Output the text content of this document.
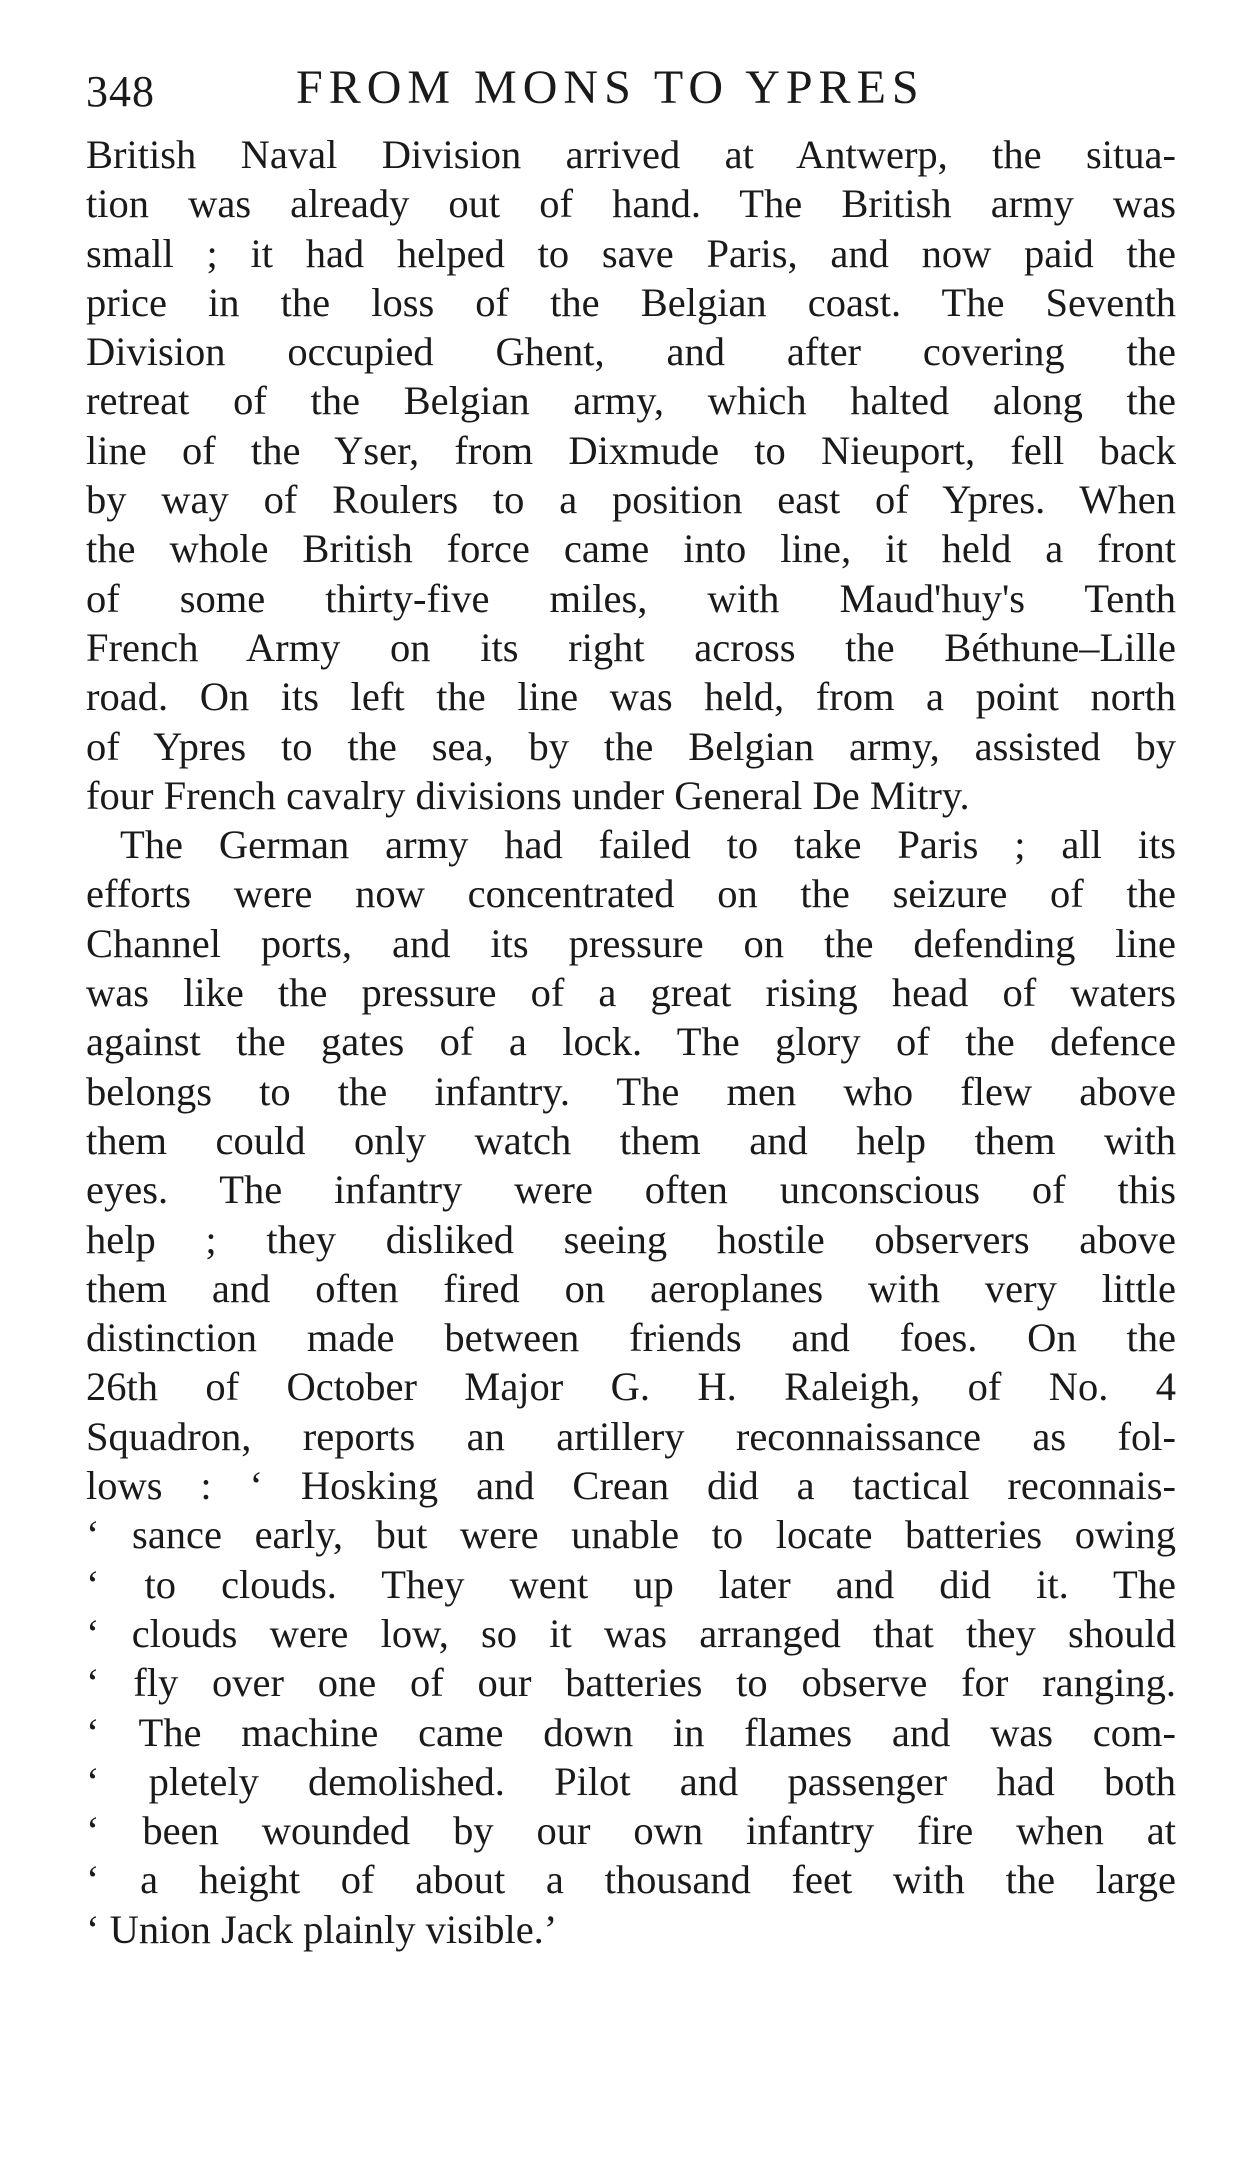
348	FROM MONS TO YPRES
British Naval Division arrived at Antwerp, the situa-
tion was already out of hand. The British army was
small ; it had helped to save Paris, and now paid the
price in the loss of the Belgian coast. The Seventh
Division occupied Ghent, and after covering the
retreat of the Belgian army, which halted along the
line of the Yser, from Dixmude to Nieuport, fell back
by way of Roulers to a position east of Ypres. When
the whole British force came into line, it held a front
of some thirty-five miles, with Maud'huy's Tenth
French Army on its right across the Béthune–Lille
road. On its left the line was held, from a point north
of Ypres to the sea, by the Belgian army, assisted by
four French cavalry divisions under General De Mitry.
The German army had failed to take Paris ; all its
efforts were now concentrated on the seizure of the
Channel ports, and its pressure on the defending line
was like the pressure of a great rising head of waters
against the gates of a lock. The glory of the defence
belongs to the infantry. The men who flew above
them could only watch them and help them with
eyes. The infantry were often unconscious of this
help ; they disliked seeing hostile observers above
them and often fired on aeroplanes with very little
distinction made between friends and foes. On the
26th of October Major G. H. Raleigh, of No. 4
Squadron, reports an artillery reconnaissance as fol-
lows : ‘ Hosking and Crean did a tactical reconnais-
‘ sance early, but were unable to locate batteries owing
‘ to clouds. They went up later and did it. The
‘ clouds were low, so it was arranged that they should
‘ fly over one of our batteries to observe for ranging.
‘ The machine came down in flames and was com-
‘ pletely demolished. Pilot and passenger had both
‘ been wounded by our own infantry fire when at
‘ a height of about a thousand feet with the large
‘ Union Jack plainly visible.’
